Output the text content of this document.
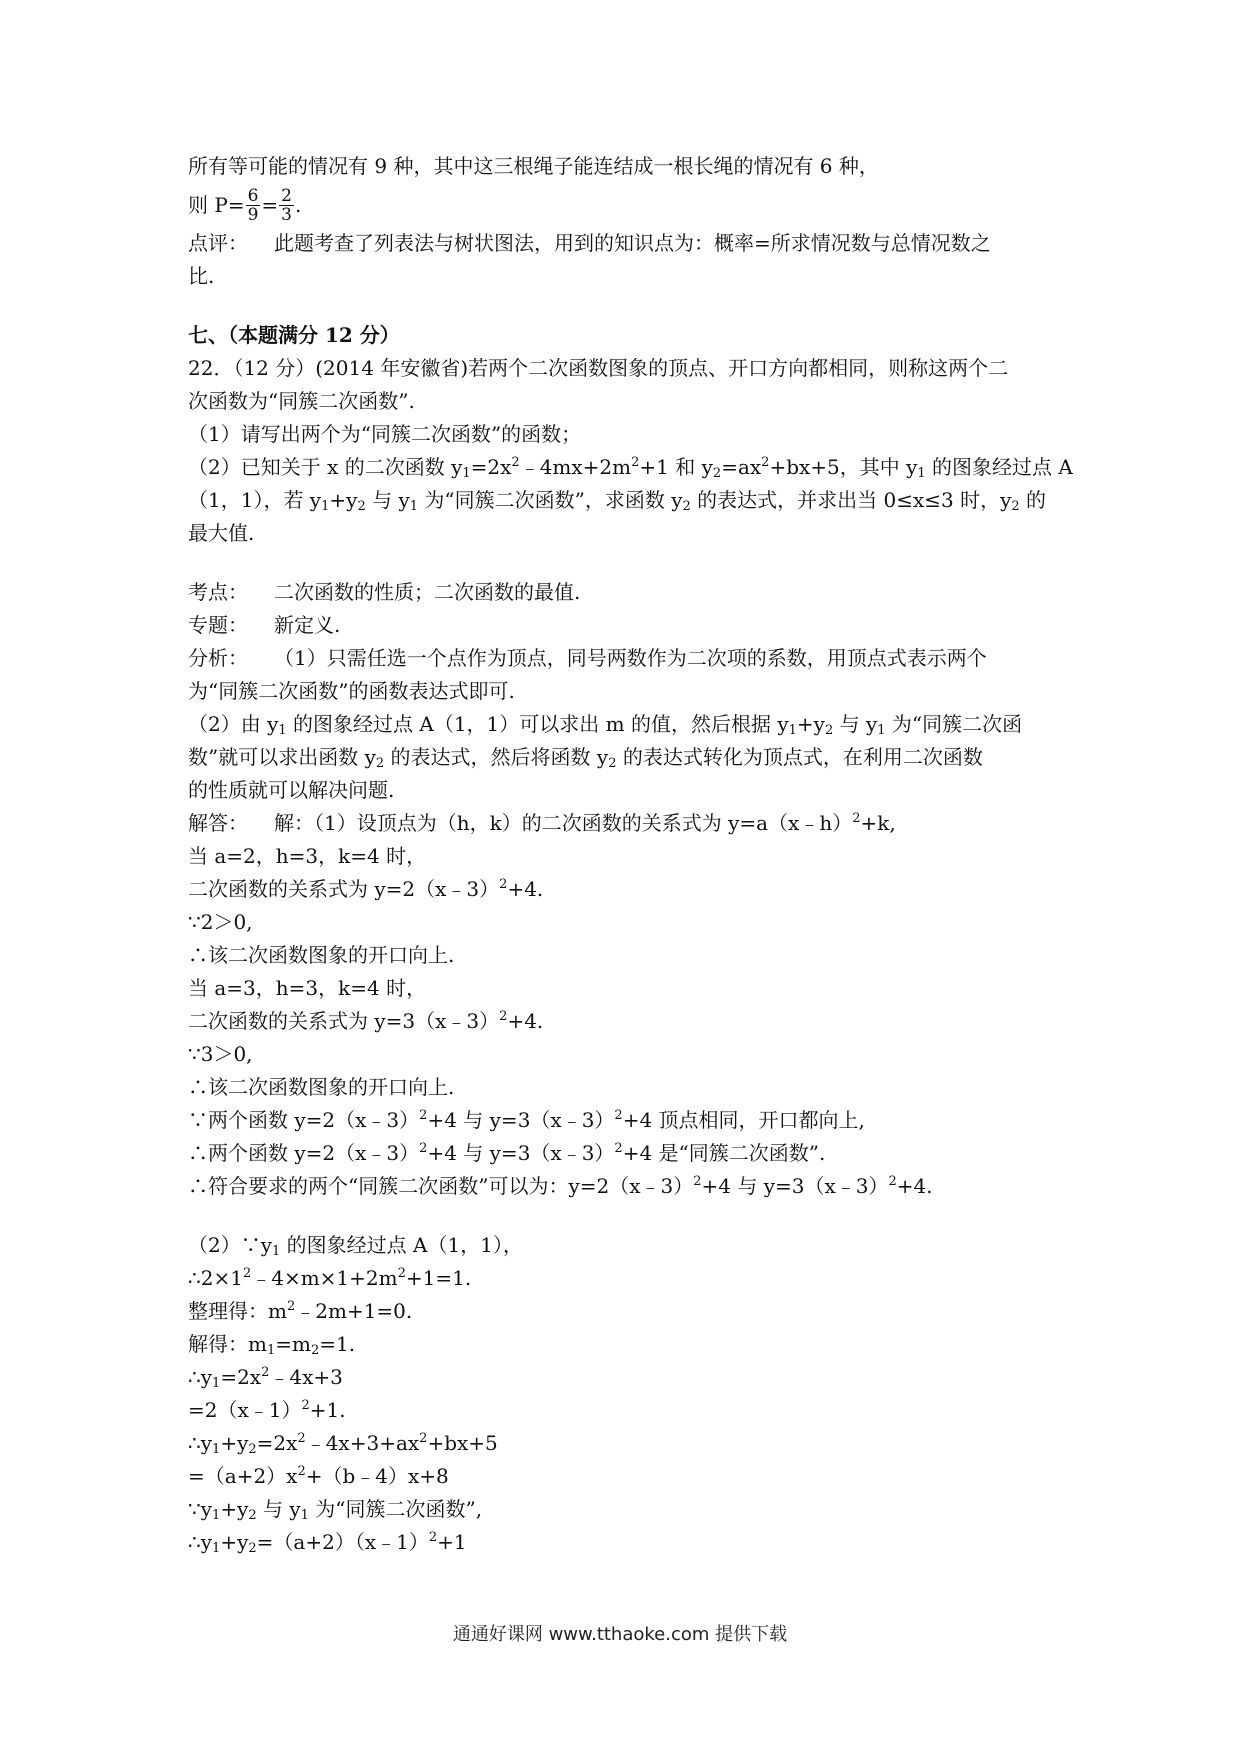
所有等可能的情况有 9 种，其中这三根绳子能连结成一根长绳的情况有 6 种，
则 $P= \frac{6}{9} = \frac{2}{3}$ .
点评： 此题考查了列表法与树状图法，用到的知识点为：概率=所求情况数与总情况数之
比.
七、（本题满分 12 分）
22．（12 分）(2014 年安徽省)若两个二次函数图象的顶点、开口方向都相同，则称这两个二
次函数为“同簇二次函数”.
（1）请写出两个为“同簇二次函数”的函数；
（2）已知关于 x 的二次函数 $y_1=2x^2﹣4mx+2m^2+1$ 和 $y_2=ax^2+bx+5$，其中 $y_1$ 的图象经过点 A
（1，1），若 $y_1+y_2$ 与 $y_1$ 为“同簇二次函数”，求函数 $y_2$ 的表达式，并求出当 0≤x≤3 时，$y_2$ 的
最大值.
考点： 二次函数的性质；二次函数的最值.
专题： 新定义.
分析： （1）只需任选一个点作为顶点，同号两数作为二次项的系数，用顶点式表示两个
为“同簇二次函数”的函数表达式即可.
（2）由 $y_1$ 的图象经过点 A（1，1）可以求出 m 的值，然后根据 $y_1+y_2$ 与 $y_1$ 为“同簇二次函
数”就可以求出函数 $y_2$ 的表达式，然后将函数 $y_2$ 的表达式转化为顶点式，在利用二次函数
的性质就可以解决问题.
解答： 解：（1）设顶点为（h，k）的二次函数的关系式为 y=a（x﹣h）$^2$+k,
当 a=2，h=3，k=4 时，
二次函数的关系式为 y=2（x﹣3）$^2$+4.
∵2＞0,
∴该二次函数图象的开口向上.
当 a=3，h=3，k=4 时，
二次函数的关系式为 y=3（x﹣3）$^2$+4.
∵3＞0,
∴该二次函数图象的开口向上.
∵两个函数 y=2（x﹣3）$^2$+4 与 y=3（x﹣3）$^2$+4 顶点相同，开口都向上,
∴两个函数 y=2（x﹣3）$^2$+4 与 y=3（x﹣3）$^2$+4 是“同簇二次函数”.
∴符合要求的两个“同簇二次函数”可以为：y=2（x﹣3）$^2$+4 与 y=3（x﹣3）$^2$+4.
$(2)\because y_1$ 的图象经过点 A（1，1），
$\therefore 2\times 1^2﹣4\times m\times 1+2m^2+1=1$.
整理得：$m^2﹣2m+1=0$.
解得：$m_1=m_2=1$.
$\therefore y_1=2x^2﹣4x+3$
=2（x﹣1）$^2$+1.
$\therefore y_1+y_2=2x^2﹣4x+3+ax^2+bx+5$
$=(a+2)x^2+(b﹣4)x+8$
$\because y_1+y_2$ 与 $y_1$ 为“同簇二次函数”,
$\therefore y_1+y_2=(a+2)(x﹣1)^2+1$
通通好课网 www.tthaoke.com 提供下载
